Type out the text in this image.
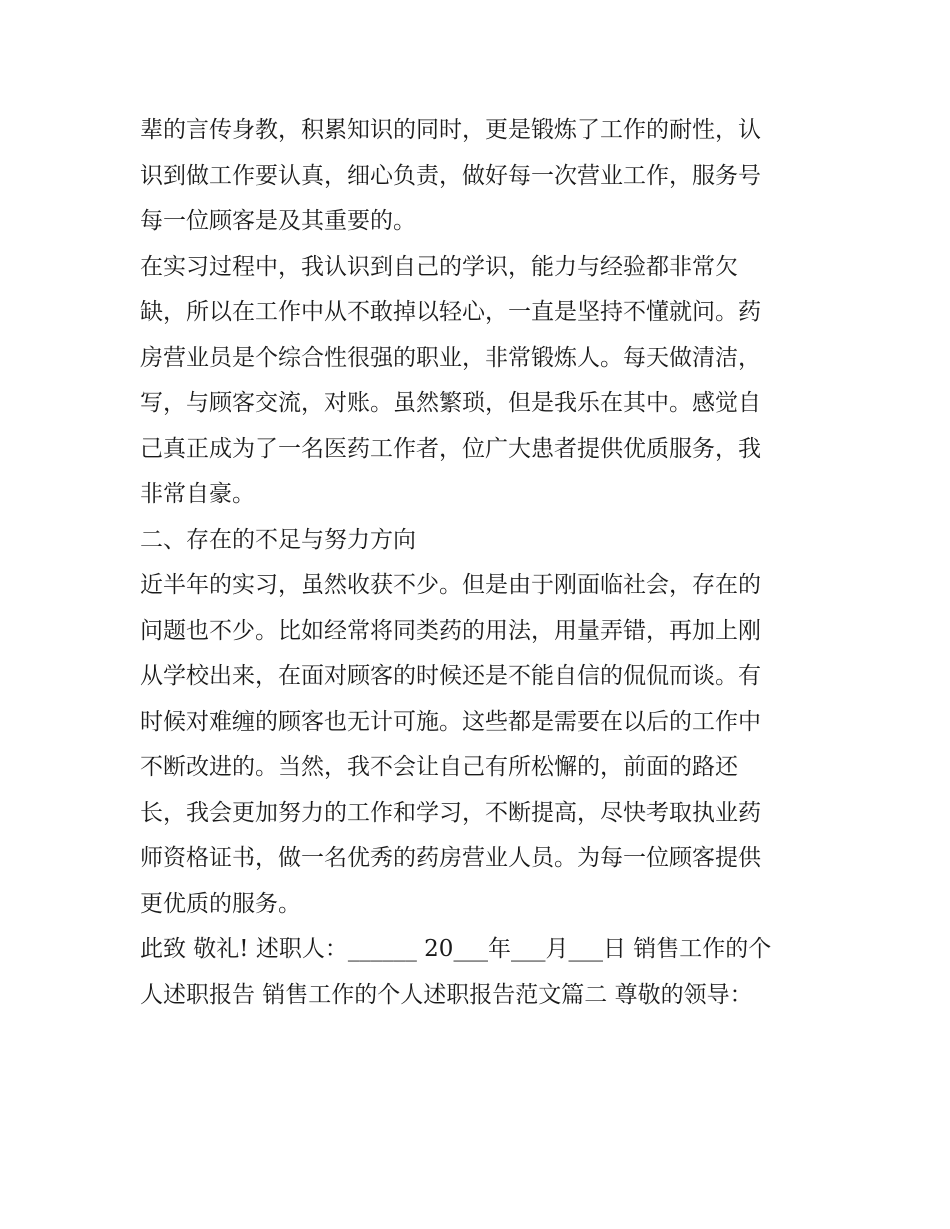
辈的言传身教，积累知识的同时，更是锻炼了工作的耐性，认
识到做工作要认真，细心负责，做好每一次营业工作，服务号
每一位顾客是及其重要的。
在实习过程中，我认识到自己的学识，能力与经验都非常欠
缺，所以在工作中从不敢掉以轻心，一直是坚持不懂就问。药
房营业员是个综合性很强的职业，非常锻炼人。每天做清洁，
写，与顾客交流，对账。虽然繁琐，但是我乐在其中。感觉自
己真正成为了一名医药工作者，位广大患者提供优质服务，我
非常自豪。
二、存在的不足与努力方向
近半年的实习，虽然收获不少。但是由于刚面临社会，存在的
问题也不少。比如经常将同类药的用法，用量弄错，再加上刚
从学校出来，在面对顾客的时候还是不能自信的侃侃而谈。有
时候对难缠的顾客也无计可施。这些都是需要在以后的工作中
不断改进的。当然，我不会让自己有所松懈的，前面的路还
长，我会更加努力的工作和学习，不断提高，尽快考取执业药
师资格证书，做一名优秀的药房营业人员。为每一位顾客提供
更优质的服务。
此致 敬礼! 述职人：______ 20___年___月___日 销售工作的个
人述职报告 销售工作的个人述职报告范文篇二 尊敬的领导：
